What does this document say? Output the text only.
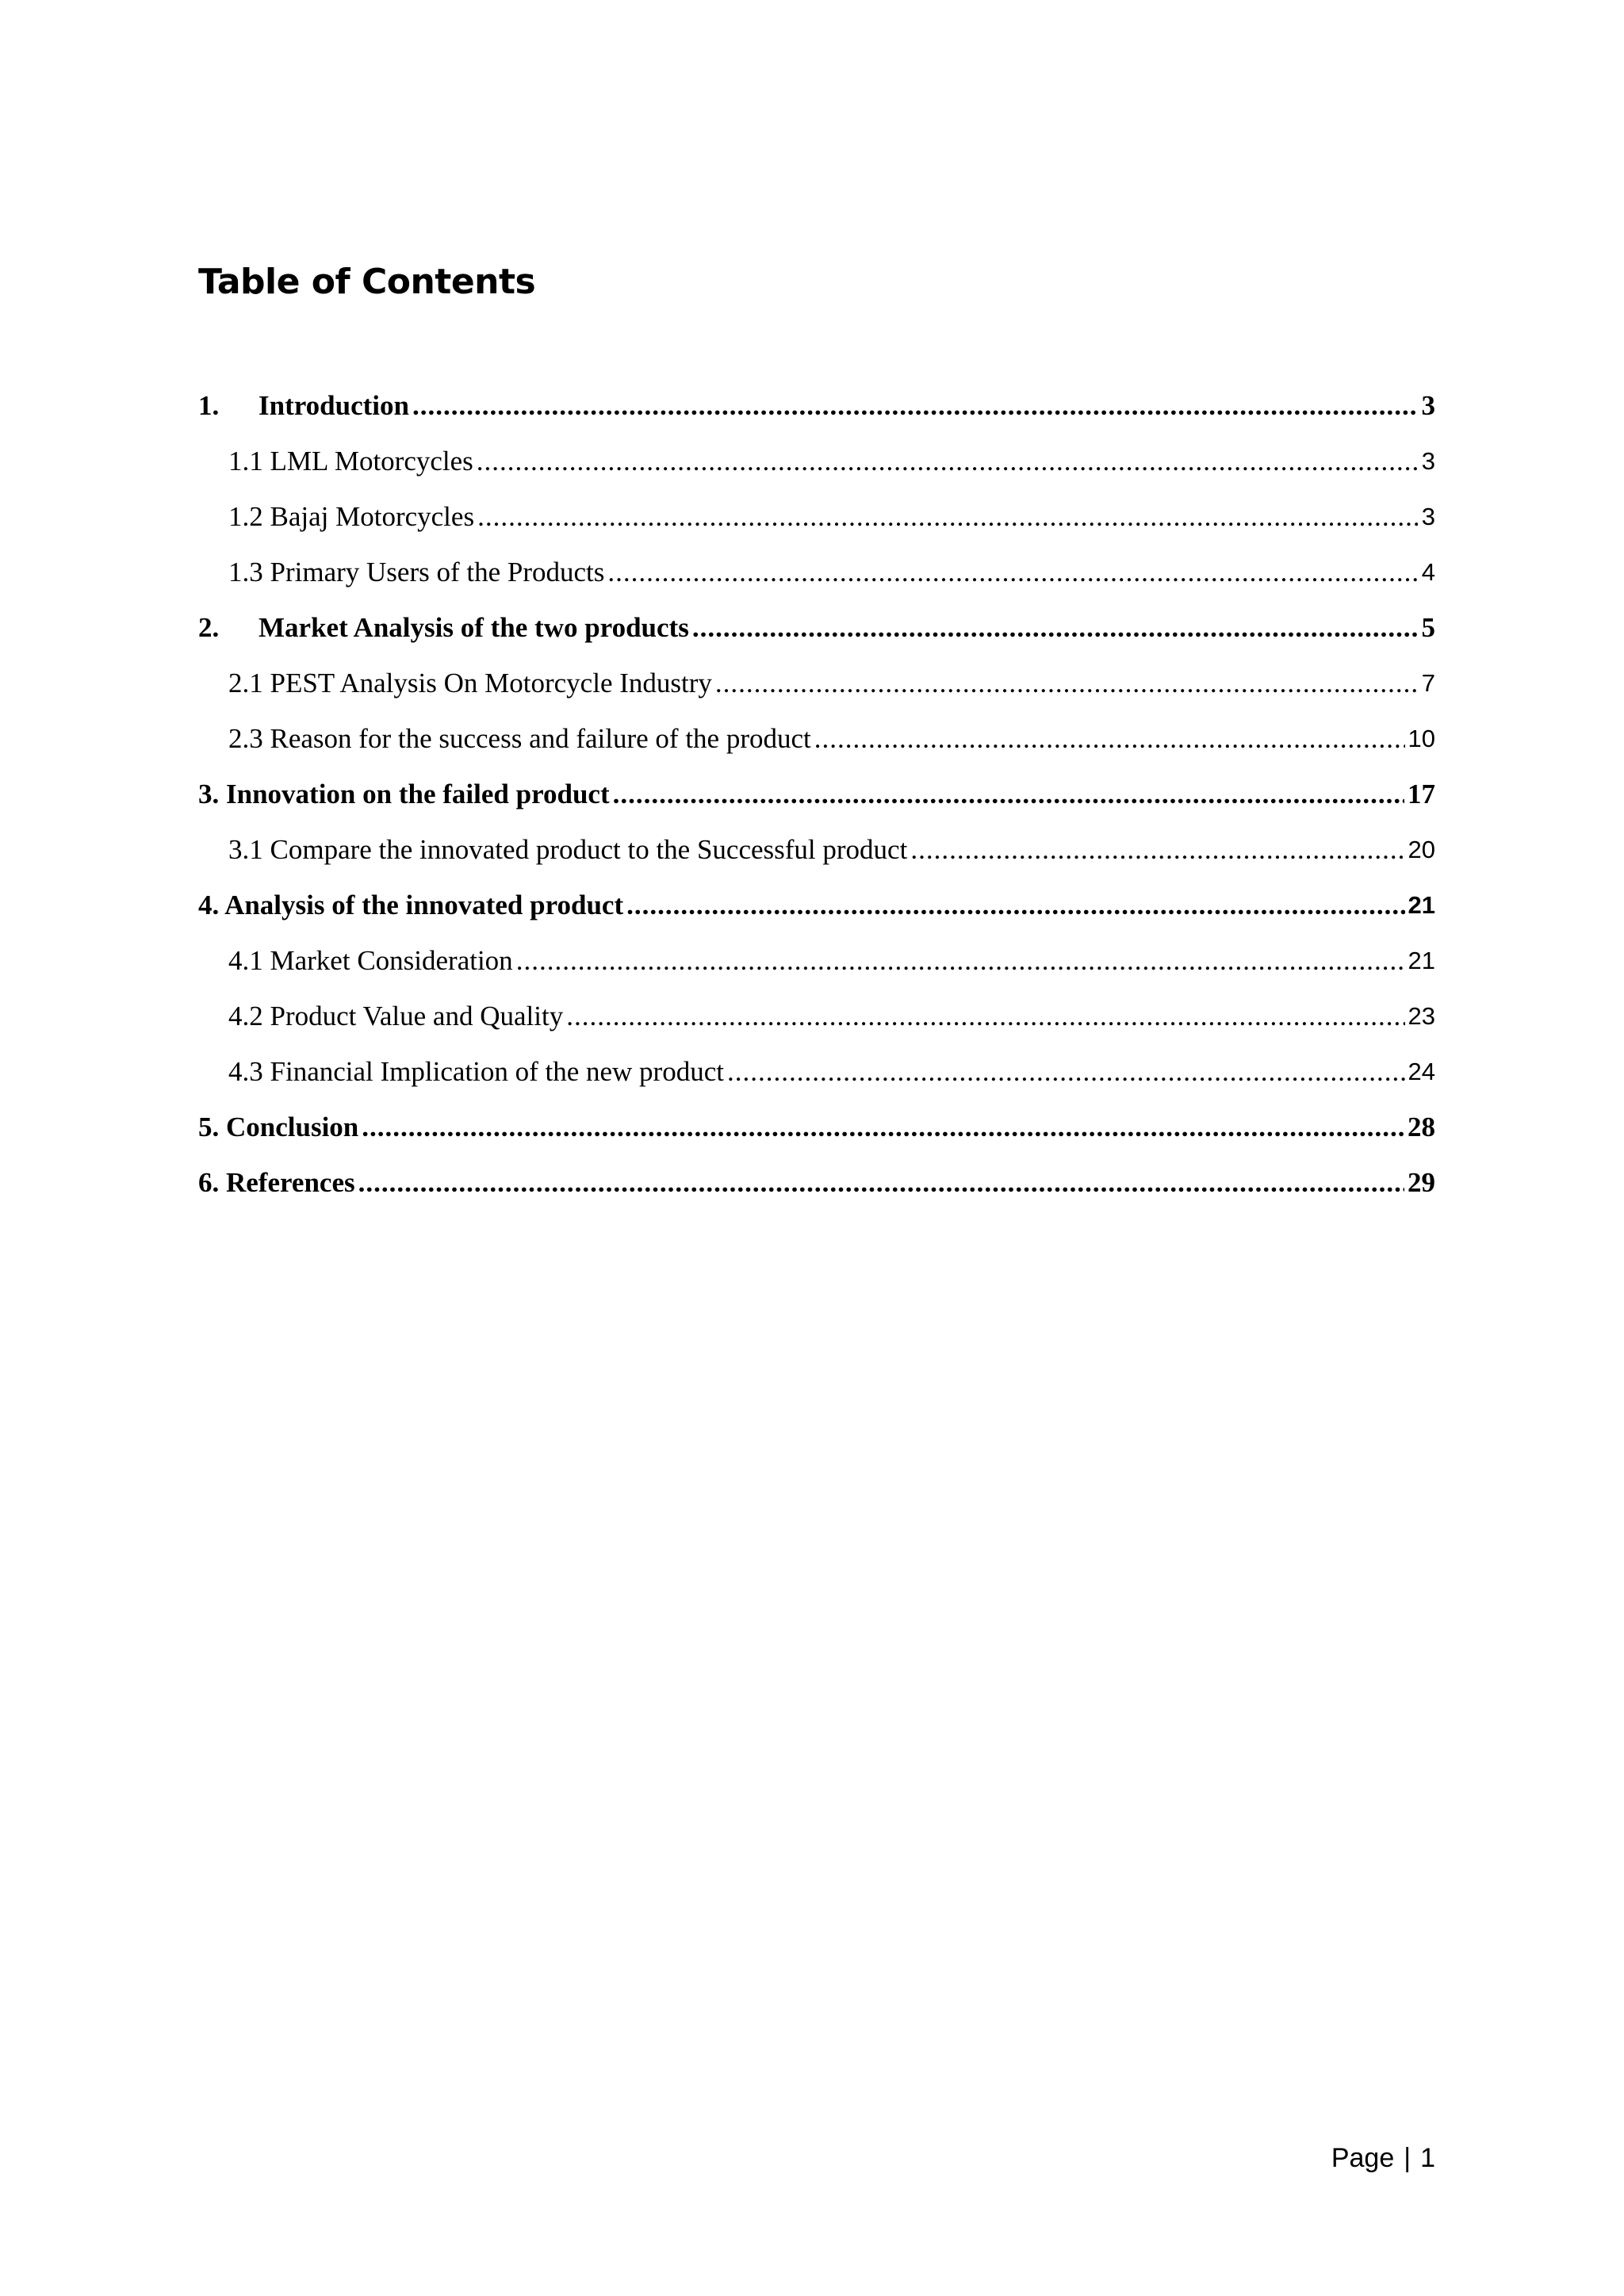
Table of Contents
1.	Introduction .....	3
1.1 LML Motorcycles .....	3
1.2 Bajaj Motorcycles .....	3
1.3 Primary Users of the Products .....	4
2.	Market Analysis of the two products .....	5
2.1 PEST Analysis On Motorcycle Industry .....	7
2.3 Reason for the success and failure of the product .....	10
3. Innovation on the failed product .....	17
3.1 Compare the innovated product to the Successful product .....	20
4. Analysis of the innovated product .....	21
4.1 Market Consideration .....	21
4.2 Product Value and Quality .....	23
4.3 Financial Implication of the new product .....	24
5. Conclusion .....	28
6. References .....	29
Page | 1
